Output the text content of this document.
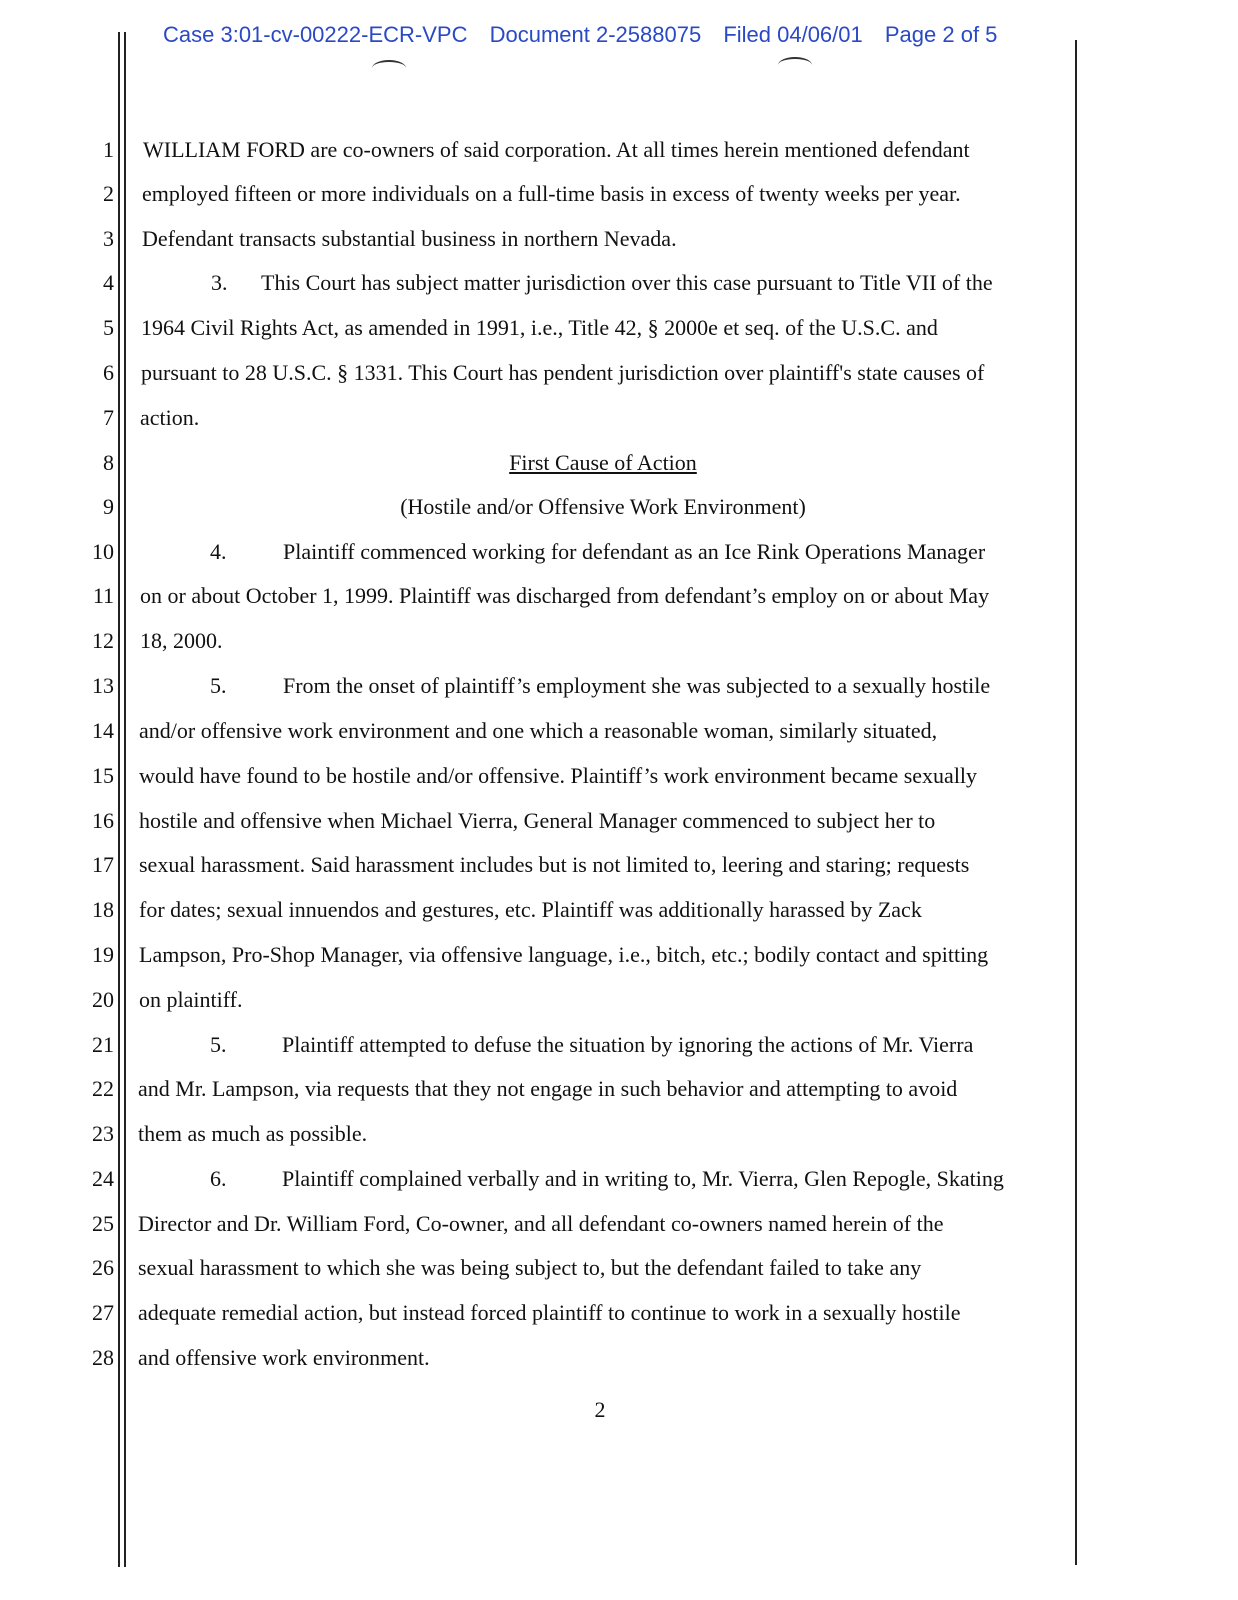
Case 3:01-cv-00222-ECR-VPC Document 2-2588075 Filed 04/06/01 Page 2 of 5
1
2
3
4
5
6
7
8
9
10
11
12
13
14
15
16
17
18
19
20
21
22
23
24
25
26
27
28
WILLIAM FORD are co-owners of said corporation. At all times herein mentioned defendant
employed fifteen or more individuals on a full-time basis in excess of twenty weeks per year.
Defendant transacts substantial business in northern Nevada.
3. This Court has subject matter jurisdiction over this case pursuant to Title VII of the
1964 Civil Rights Act, as amended in 1991, i.e., Title 42, § 2000e et seq. of the U.S.C. and
pursuant to 28 U.S.C. § 1331. This Court has pendent jurisdiction over plaintiff's state causes of
action.
First Cause of Action
(Hostile and/or Offensive Work Environment)
4.	Plaintiff commenced working for defendant as an Ice Rink Operations Manager
on or about October 1, 1999. Plaintiff was discharged from defendant’s employ on or about May
18, 2000.
5.	From the onset of plaintiff’s employment she was subjected to a sexually hostile
and/or offensive work environment and one which a reasonable woman, similarly situated,
would have found to be hostile and/or offensive. Plaintiff’s work environment became sexually
hostile and offensive when Michael Vierra, General Manager commenced to subject her to
sexual harassment. Said harassment includes but is not limited to, leering and staring; requests
for dates; sexual innuendos and gestures, etc. Plaintiff was additionally harassed by Zack
Lampson, Pro-Shop Manager, via offensive language, i.e., bitch, etc.; bodily contact and spitting
on plaintiff.
5.	Plaintiff attempted to defuse the situation by ignoring the actions of Mr. Vierra
and Mr. Lampson, via requests that they not engage in such behavior and attempting to avoid
them as much as possible.
6.	Plaintiff complained verbally and in writing to, Mr. Vierra, Glen Repogle, Skating
Director and Dr. William Ford, Co-owner, and all defendant co-owners named herein of the
sexual harassment to which she was being subject to, but the defendant failed to take any
adequate remedial action, but instead forced plaintiff to continue to work in a sexually hostile
and offensive work environment.
2
